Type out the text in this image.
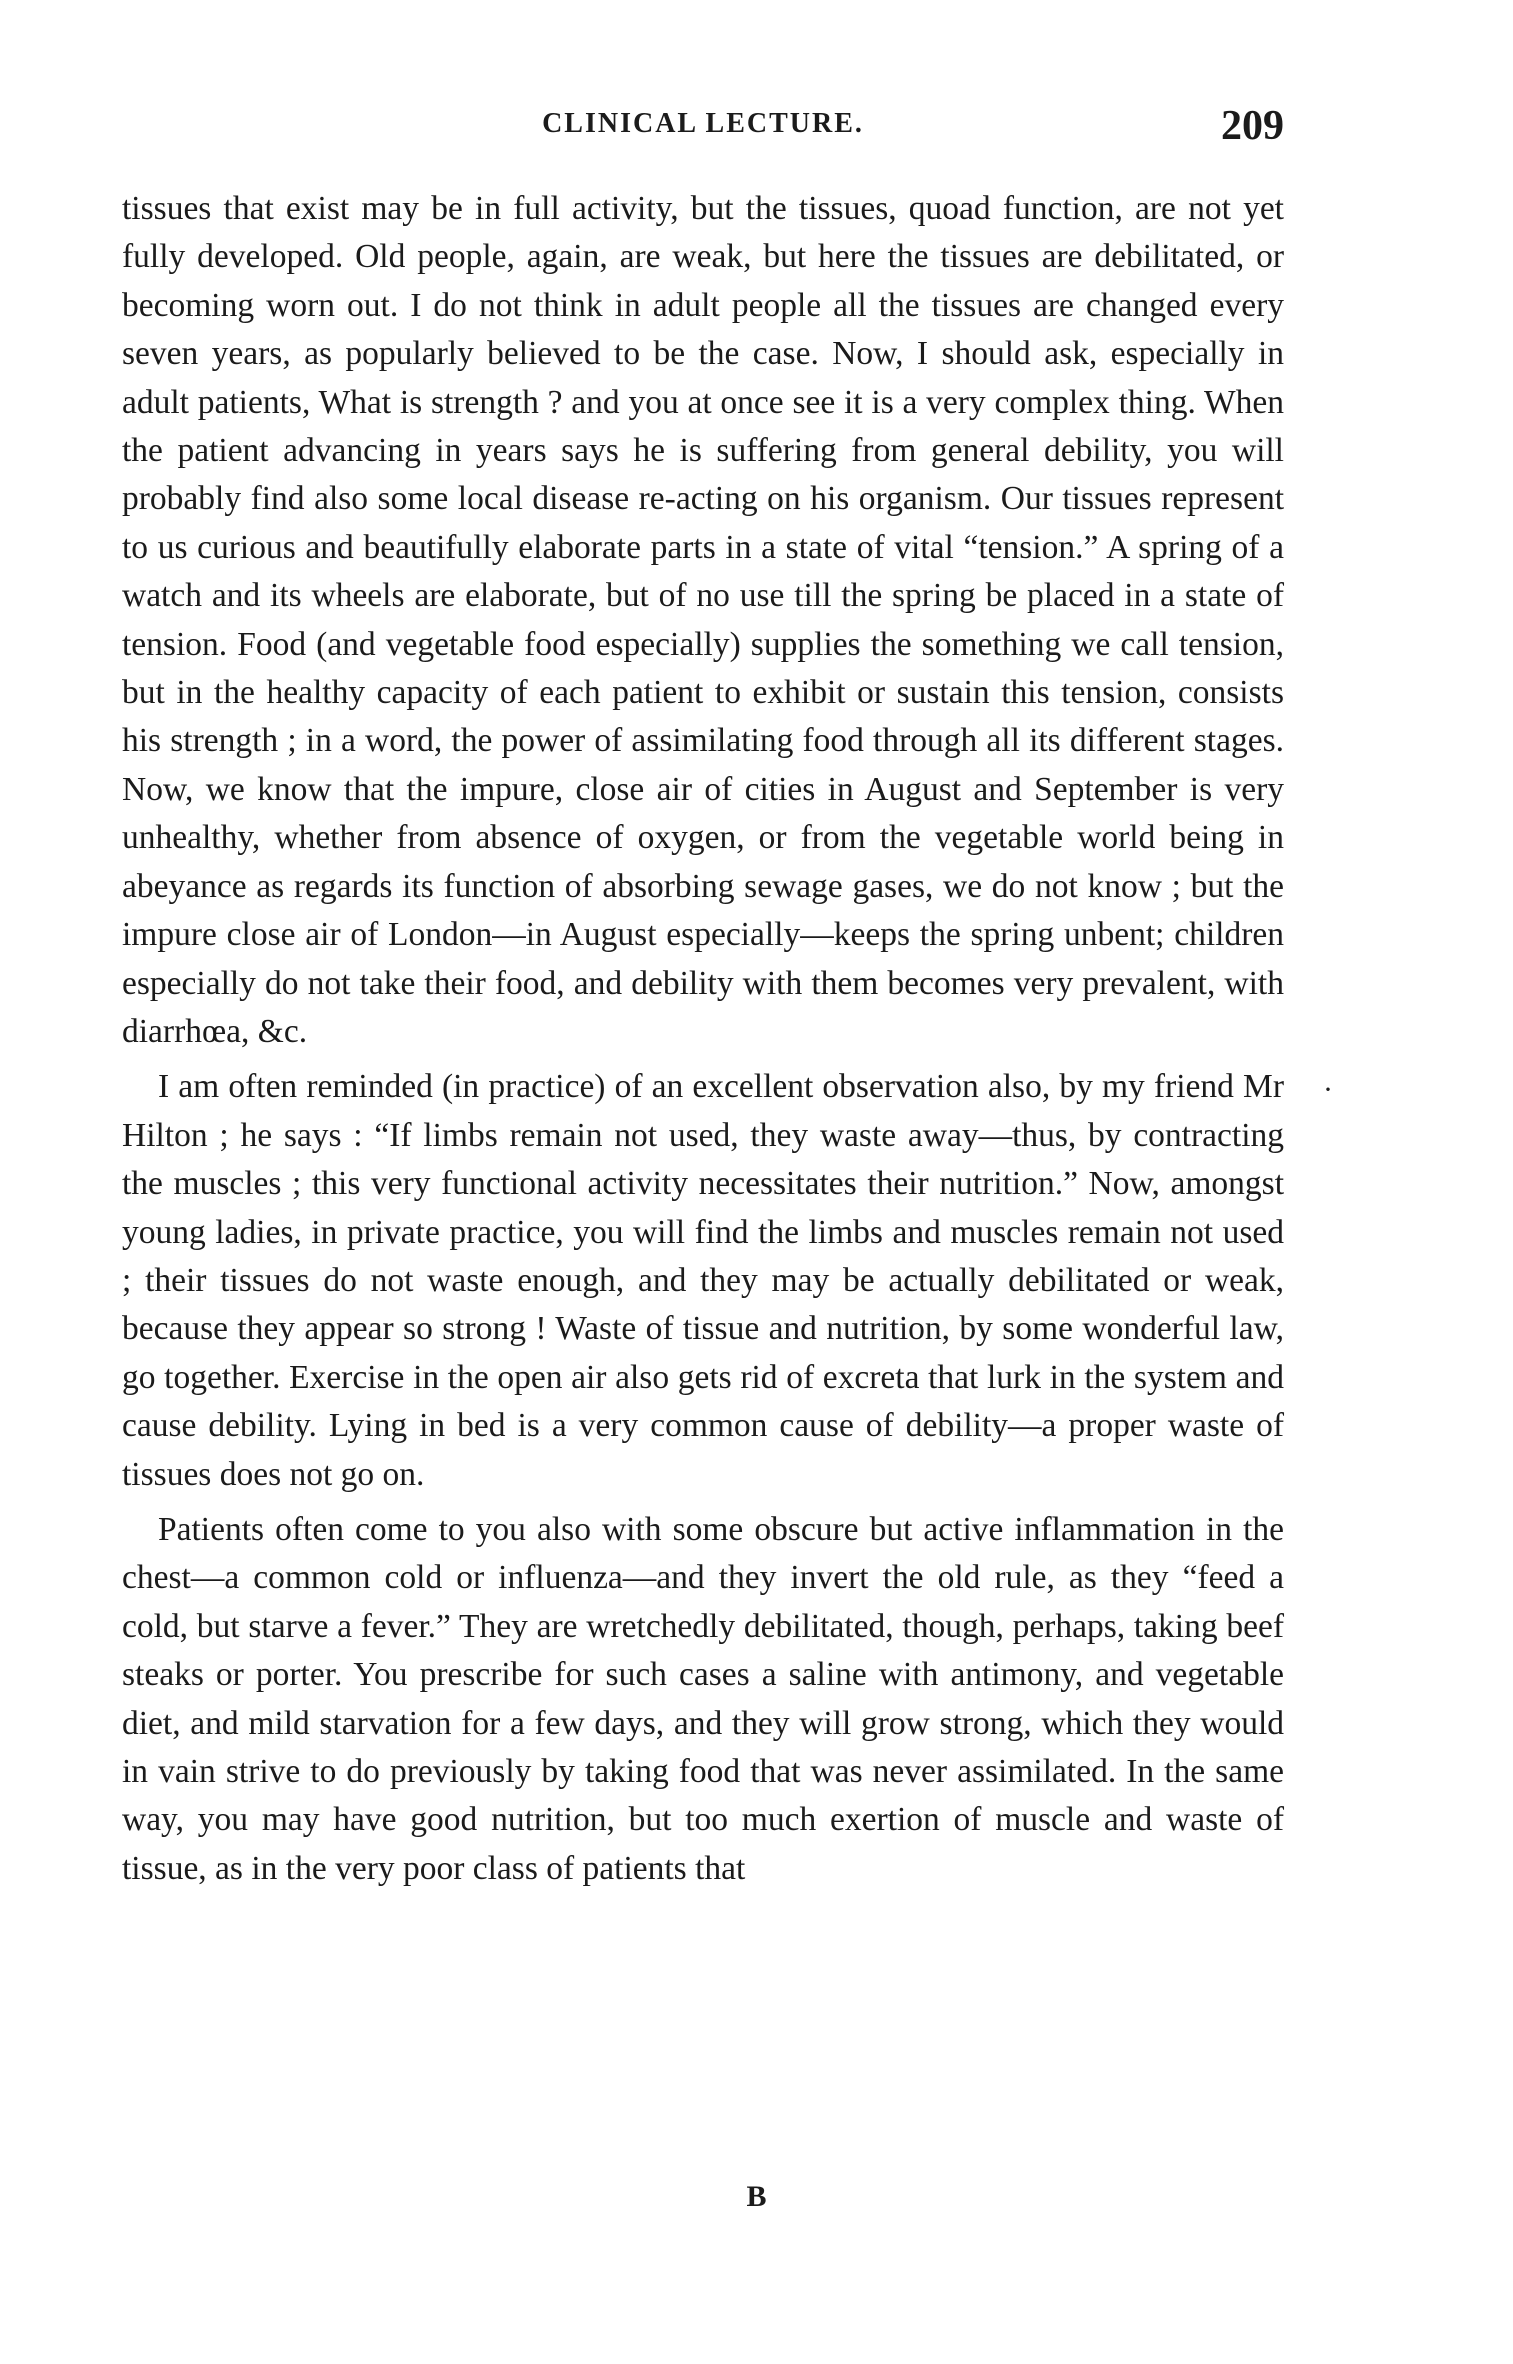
CLINICAL LECTURE.	209

tissues that exist may be in full activity, but the tissues, quoad function, are not yet fully developed. Old people, again, are weak, but here the tissues are debilitated, or becoming worn out. I do not think in adult people all the tissues are changed every seven years, as popularly believed to be the case. Now, I should ask, especially in adult patients, What is strength ? and you at once see it is a very complex thing. When the patient advancing in years says he is suffering from general debility, you will probably find also some local disease re-acting on his organism. Our tissues represent to us curious and beautifully elaborate parts in a state of vital “tension.” A spring of a watch and its wheels are elaborate, but of no use till the spring be placed in a state of tension. Food (and vegetable food especially) supplies the something we call tension, but in the healthy capacity of each patient to exhibit or sustain this tension, consists his strength ; in a word, the power of assimilating food through all its different stages. Now, we know that the impure, close air of cities in August and September is very unhealthy, whether from absence of oxygen, or from the vegetable world being in abeyance as regards its function of absorbing sewage gases, we do not know ; but the impure close air of London—in August especially—keeps the spring unbent; children especially do not take their food, and debility with them becomes very prevalent, with diarrhœa, &c.

I am often reminded (in practice) of an excellent observation also, by my friend Mr Hilton ; he says : “If limbs remain not used, they waste away—thus, by contracting the muscles ; this very functional activity necessitates their nutrition.” Now, amongst young ladies, in private practice, you will find the limbs and muscles remain not used ; their tissues do not waste enough, and they may be actually debilitated or weak, because they appear so strong ! Waste of tissue and nutrition, by some wonderful law, go together. Exercise in the open air also gets rid of excreta that lurk in the system and cause debility. Lying in bed is a very common cause of debility—a proper waste of tissues does not go on.

Patients often come to you also with some obscure but active inflammation in the chest—a common cold or influenza—and they invert the old rule, as they “feed a cold, but starve a fever.” They are wretchedly debilitated, though, perhaps, taking beef steaks or porter. You prescribe for such cases a saline with antimony, and vegetable diet, and mild starvation for a few days, and they will grow strong, which they would in vain strive to do previously by taking food that was never assimilated. In the same way, you may have good nutrition, but too much exertion of muscle and waste of tissue, as in the very poor class of patients that

·
B
